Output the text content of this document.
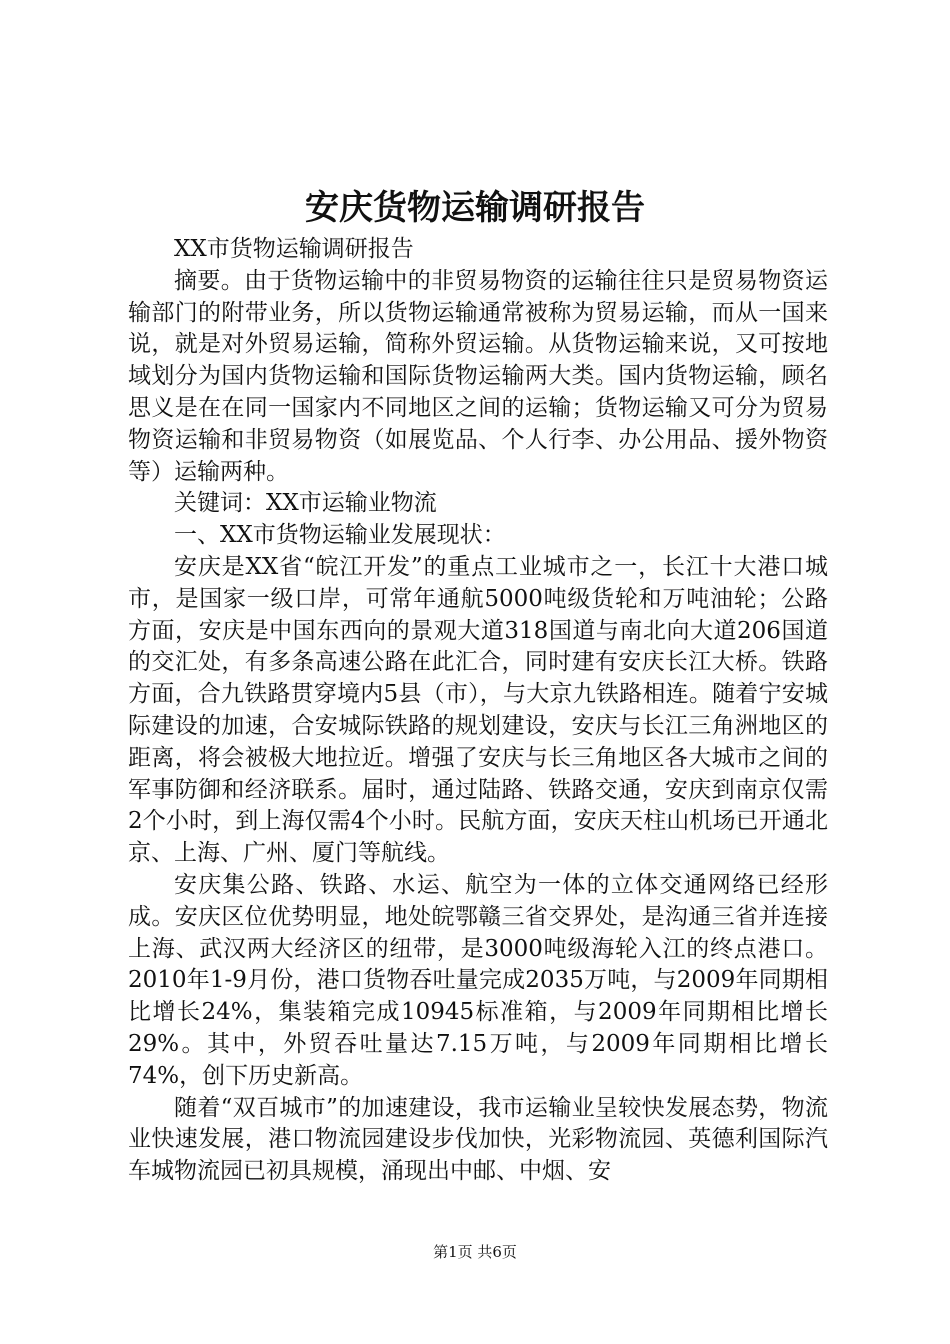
安庆货物运输调研报告

XX市货物运输调研报告

摘要。由于货物运输中的非贸易物资的运输往往只是贸易物资运输部门的附带业务，所以货物运输通常被称为贸易运输，而从一国来说，就是对外贸易运输，简称外贸运输。从货物运输来说，又可按地域划分为国内货物运输和国际货物运输两大类。国内货物运输，顾名思义是在在同一国家内不同地区之间的运输；货物运输又可分为贸易物资运输和非贸易物资（如展览品、个人行李、办公用品、援外物资等）运输两种。

关键词：XX市运输业物流

一、XX市货物运输业发展现状：

安庆是XX省“皖江开发”的重点工业城市之一，长江十大港口城市，是国家一级口岸，可常年通航5000吨级货轮和万吨油轮；公路方面，安庆是中国东西向的景观大道318国道与南北向大道206国道的交汇处，有多条高速公路在此汇合，同时建有安庆长江大桥。铁路方面，合九铁路贯穿境内5县（市），与大京九铁路相连。随着宁安城际建设的加速，合安城际铁路的规划建设，安庆与长江三角洲地区的距离，将会被极大地拉近。增强了安庆与长三角地区各大城市之间的军事防御和经济联系。届时，通过陆路、铁路交通，安庆到南京仅需2个小时，到上海仅需4个小时。民航方面，安庆天柱山机场已开通北京、上海、广州、厦门等航线。

安庆集公路、铁路、水运、航空为一体的立体交通网络已经形成。安庆区位优势明显，地处皖鄂赣三省交界处，是沟通三省并连接上海、武汉两大经济区的纽带，是3000吨级海轮入江的终点港口。2010年1-9月份，港口货物吞吐量完成2035万吨，与2009年同期相比增长24%，集装箱完成10945标准箱，与2009年同期相比增长29%。其中，外贸吞吐量达7.15万吨，与2009年同期相比增长74%，创下历史新高。

随着“双百城市”的加速建设，我市运输业呈较快发展态势，物流业快速发展，港口物流园建设步伐加快，光彩物流园、英德利国际汽车城物流园已初具规模，涌现出中邮、中烟、安

第1页 共6页
